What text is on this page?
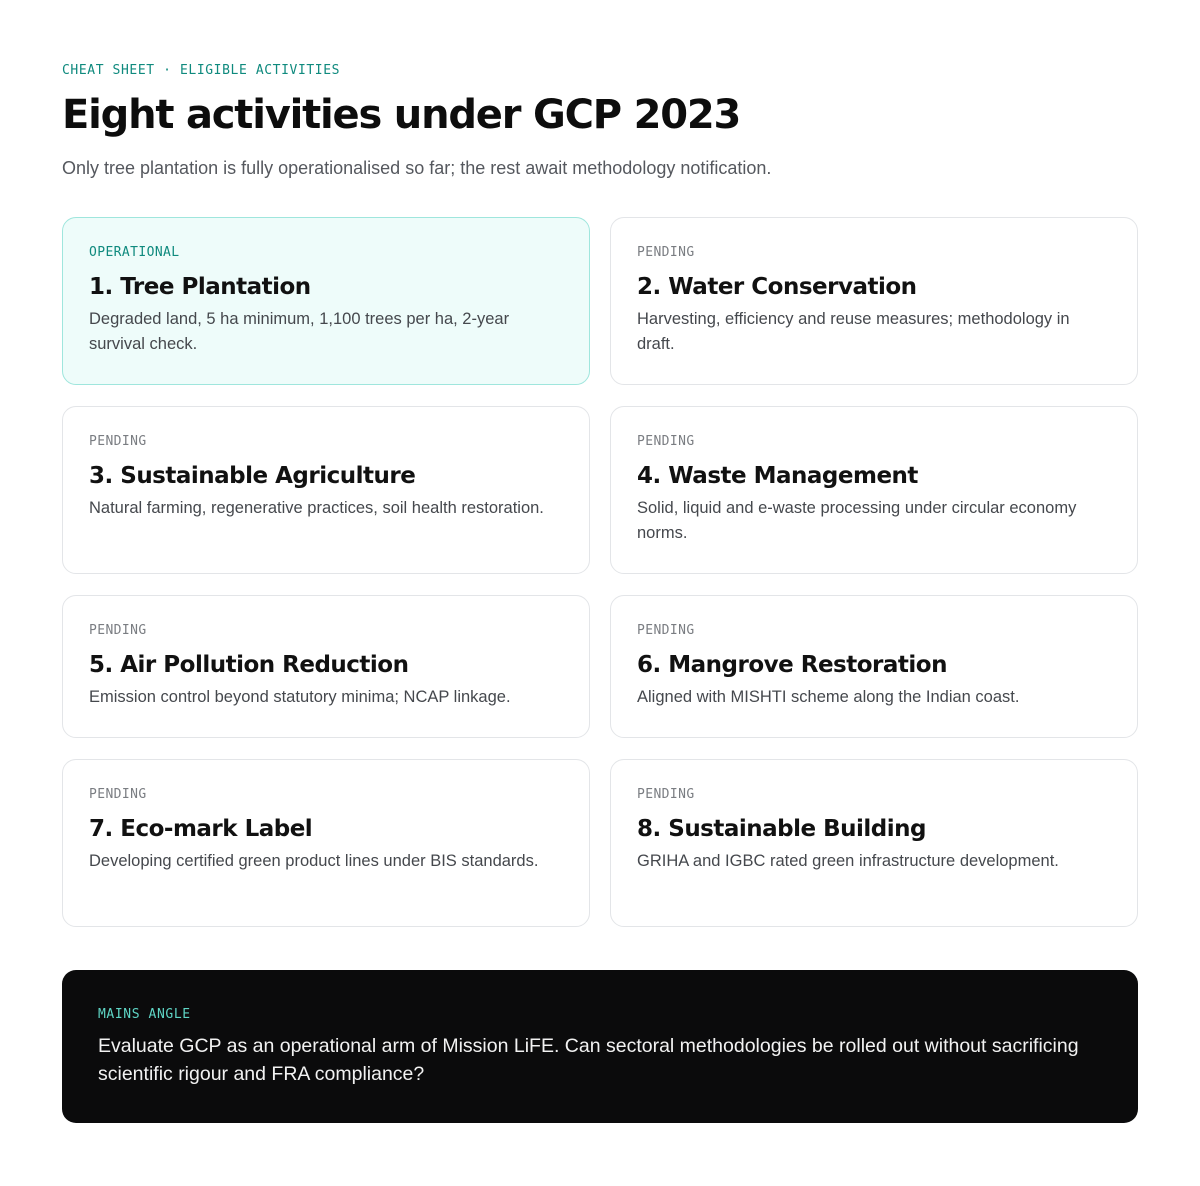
CHEAT SHEET · ELIGIBLE ACTIVITIES
Eight activities under GCP 2023

Only tree plantation is fully operationalised so far; the rest await methodology notification.

OPERATIONAL
1. Tree Plantation
Degraded land, 5 ha minimum, 1,100 trees per ha, 2-year survival check.
PENDING
2. Water Conservation
Harvesting, efficiency and reuse measures; methodology in draft.
PENDING
3. Sustainable Agriculture
Natural farming, regenerative practices, soil health restoration.
PENDING
4. Waste Management
Solid, liquid and e-waste processing under circular economy norms.
PENDING
5. Air Pollution Reduction
Emission control beyond statutory minima; NCAP linkage.
PENDING
6. Mangrove Restoration
Aligned with MISHTI scheme along the Indian coast.
PENDING
7. Eco-mark Label
Developing certified green product lines under BIS standards.
PENDING
8. Sustainable Building
GRIHA and IGBC rated green infrastructure development.
MAINS ANGLE

Evaluate GCP as an operational arm of Mission LiFE. Can sectoral methodologies be rolled out without sacrificing scientific rigour and FRA compliance?
